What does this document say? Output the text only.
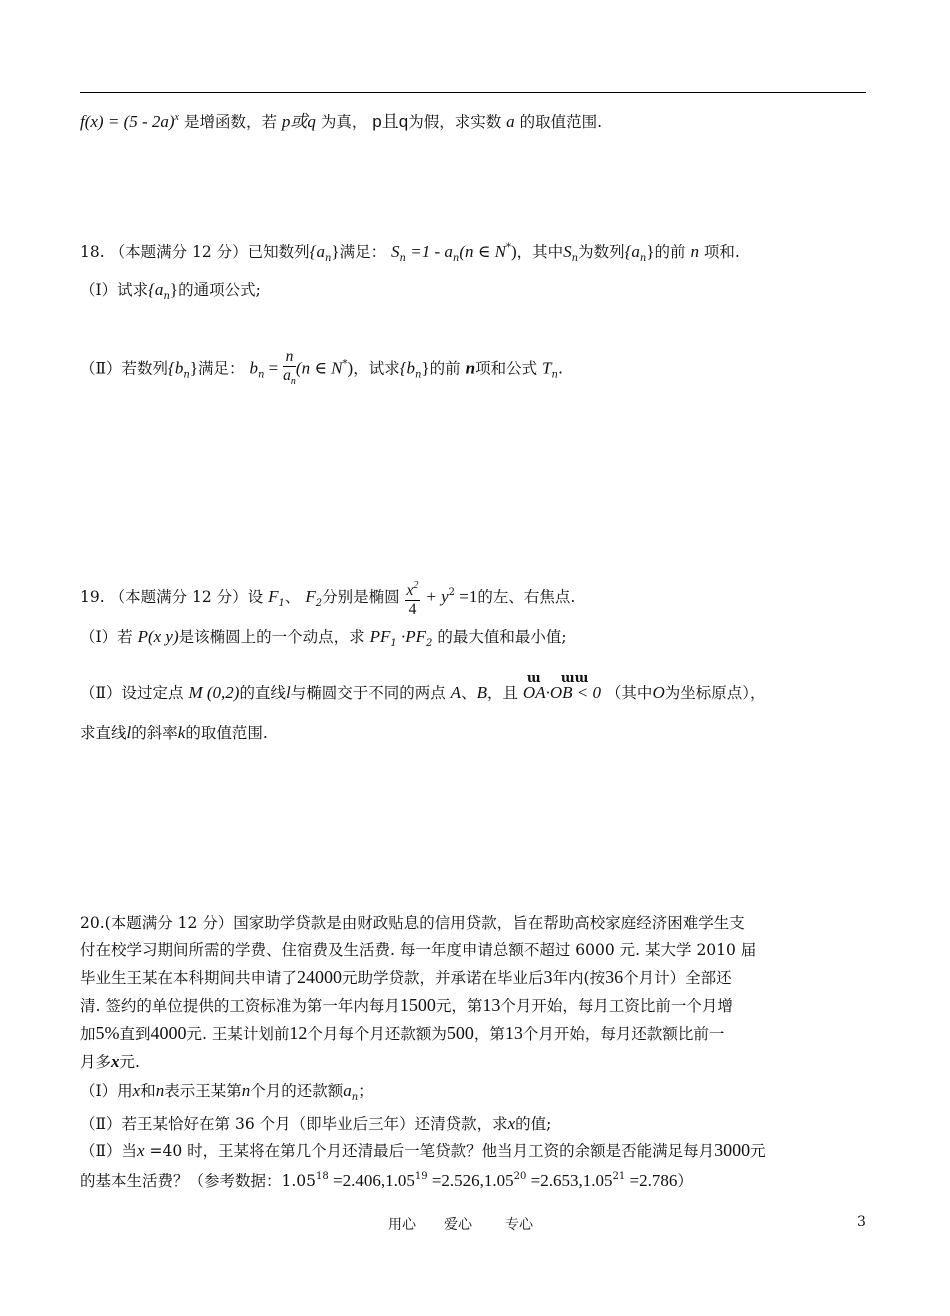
f(x) = (5 - 2a)$^x$ 是增函数，若 p或q 为真， p且q为假，求实数 a 的取值范围.
18. （本题满分 12 分）已知数列$\{a_n\}$满足： $S_n =1 - a_n(n$ ∈ N*)，其中$S_n$为数列$\{a_n\}$的前 n 项和.
（Ⅰ）试求$\{a_n\}$的通项公式;
（Ⅱ）若数列$\{b_n\}$满足： $b_n = \frac{n}{a_n} (n$ ∈ N*)，试求$\{b_n\}$的前 n项和公式 $T_n$.
19. （本题满分 12 分）设 $F_1$、 $F_2$分别是椭圆 $\frac{x^2}{4} + y^2 =1$的左、右焦点.
（Ⅰ）若 P(x y)是该椭圆上的一个动点，求 $PF_1 \cdot PF_2$ 的最大值和最小值;
（Ⅱ）设过定点 M (0,2)的直线l与椭圆交于不同的两点 A、B，且
ɯ ɯɯ
OA·OB < 0 （其中O为坐标原点），
求直线l的斜率k的取值范围.
20.(本题满分 12 分）国家助学贷款是由财政贴息的信用贷款，旨在帮助高校家庭经济困难学生支
付在校学习期间所需的学费、住宿费及生活费. 每一年度申请总额不超过 6000 元. 某大学 2010 届
毕业生王某在本科期间共申请了24000元助学贷款，并承诺在毕业后3年内(按36个月计）全部还
清. 签约的单位提供的工资标准为第一年内每月1500元，第13个月开始，每月工资比前一个月增
加5%直到4000元. 王某计划前12个月每个月还款额为500，第13个月开始，每月还款额比前一
月多x元.
（Ⅰ）用x和n表示王某第n个月的还款额$a_n$；
（Ⅱ）若王某恰好在第 36 个月（即毕业后三年）还清贷款，求x的值;
（Ⅱ）当x =40 时，王某将在第几个月还清最后一笔贷款？他当月工资的余额是否能满足每月3000元
的基本生活费？（参考数据：$1.05^{18} =2.406,1.05^{19} =2.526,1.05^{20} =2.653,1.05^{21} =2.786$）
用心 爱心 专心	3
